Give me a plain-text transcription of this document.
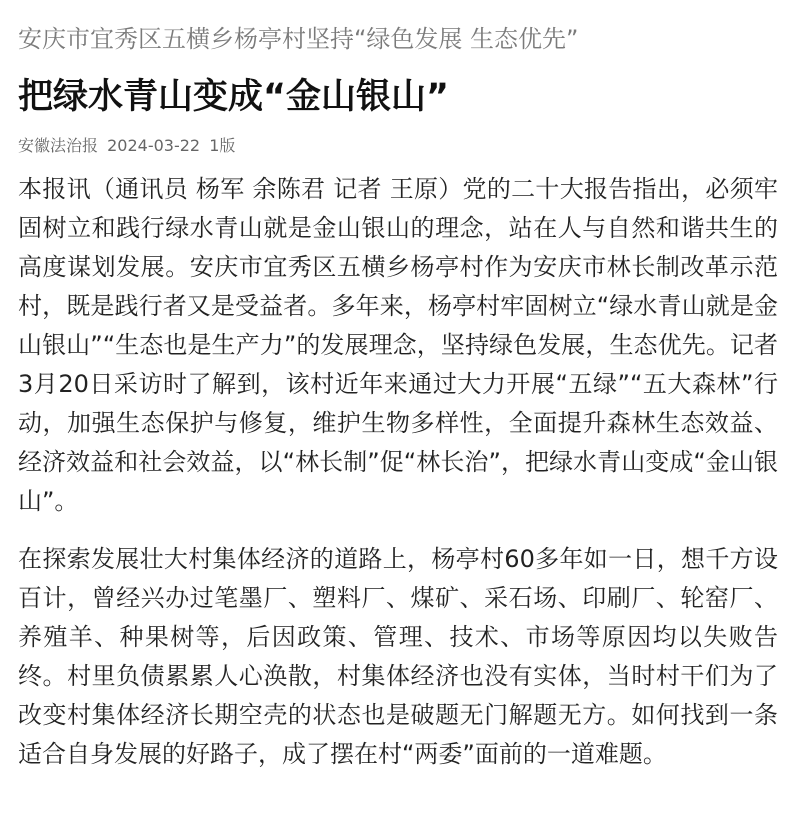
安庆市宜秀区五横乡杨亭村坚持“绿色发展 生态优先”
把绿水青山变成“金山银山”
安徽法治报 2024-03-22 1版

本报讯（通讯员 杨军 余陈君 记者 王原）党的二十大报告指出，必须牢固树立和践行绿水青山就是金山银山的理念，站在人与自然和谐共生的高度谋划发展。安庆市宜秀区五横乡杨亭村作为安庆市林长制改革示范村，既是践行者又是受益者。多年来，杨亭村牢固树立“绿水青山就是金山银山”“生态也是生产力”的发展理念，坚持绿色发展，生态优先。记者3月20日采访时了解到，该村近年来通过大力开展“五绿”“五大森林”行动，加强生态保护与修复，维护生物多样性，全面提升森林生态效益、经济效益和社会效益，以“林长制”促“林长治”，把绿水青山变成“金山银山”。

在探索发展壮大村集体经济的道路上，杨亭村60多年如一日，想千方设百计，曾经兴办过笔墨厂、塑料厂、煤矿、采石场、印刷厂、轮窑厂、养殖羊、种果树等，后因政策、管理、技术、市场等原因均以失败告终。村里负债累累人心涣散，村集体经济也没有实体，当时村干们为了改变村集体经济长期空壳的状态也是破题无门解题无方。如何找到一条适合自身发展的好路子，成了摆在村“两委”面前的一道难题。
